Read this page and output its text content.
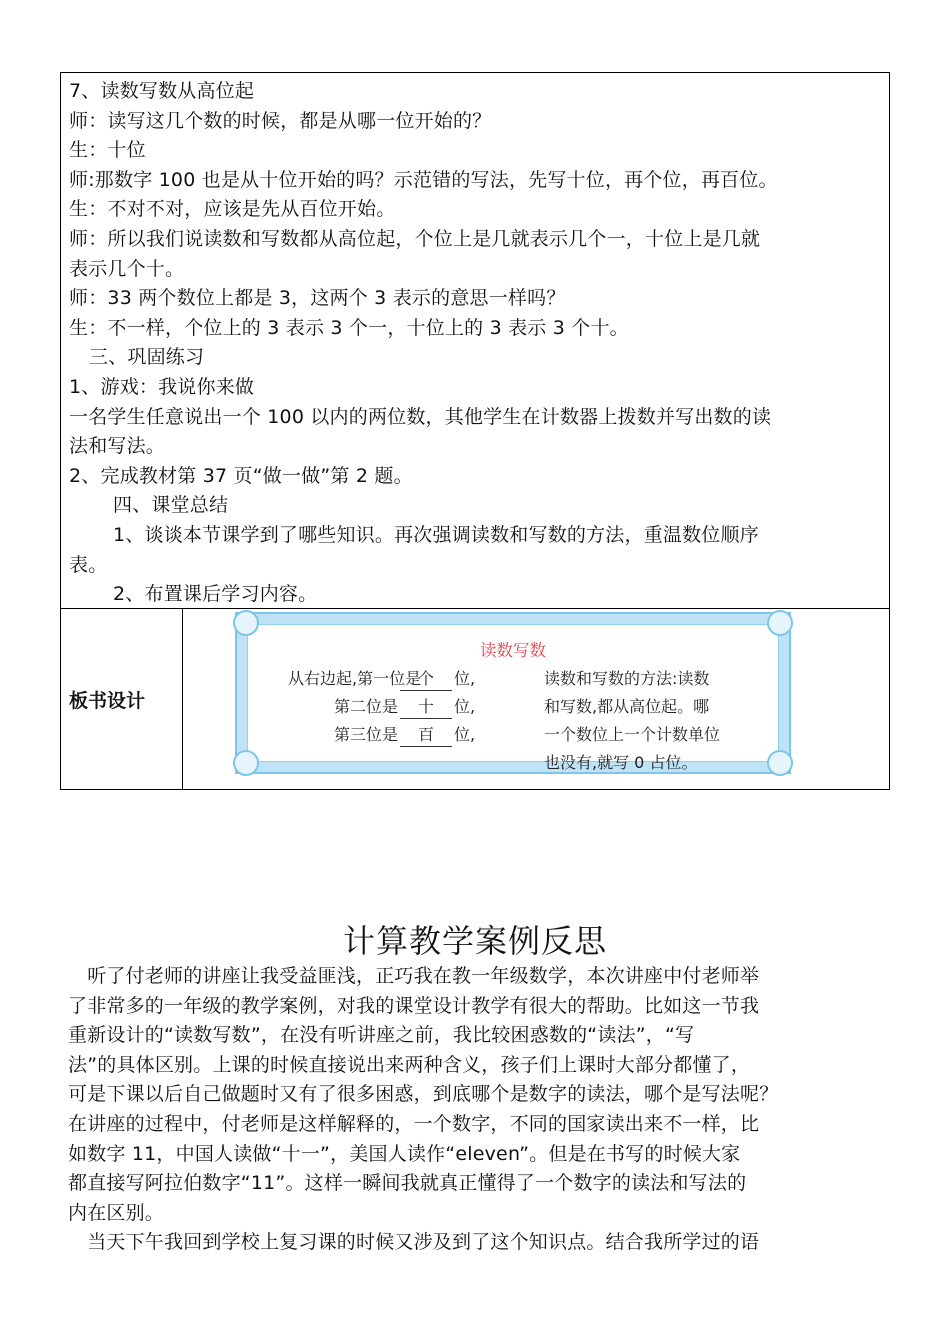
7、读数写数从高位起
师：读写这几个数的时候，都是从哪一位开始的？
生：十位
师:那数字 100 也是从十位开始的吗？示范错的写法，先写十位，再个位，再百位。
生：不对不对，应该是先从百位开始。
师：所以我们说读数和写数都从高位起，个位上是几就表示几个一，十位上是几就
表示几个十。
师：33 两个数位上都是 3，这两个 3 表示的意思一样吗？
生：不一样，个位上的 3 表示 3 个一，十位上的 3 表示 3 个十。
三、巩固练习
1、游戏：我说你来做
一名学生任意说出一个 100 以内的两位数，其他学生在计数器上拨数并写出数的读
法和写法。
2、完成教材第 37 页“做一做”第 2 题。
四、课堂总结
1、谈谈本节课学到了哪些知识。再次强调读数和写数的方法，重温数位顺序
表。
2、布置课后学习内容。
板书设计
读数写数
从右边起,第一位是个 位,
第二位是 十 位,
第三位是 百 位,
读数和写数的方法:读数
和写数,都从高位起。哪
一个数位上一个计数单位
也没有,就写 0 占位。
计算教学案例反思
　听了付老师的讲座让我受益匪浅，正巧我在教一年级数学，本次讲座中付老师举
了非常多的一年级的教学案例，对我的课堂设计教学有很大的帮助。比如这一节我
重新设计的“读数写数”，在没有听讲座之前，我比较困惑数的“读法”，“写
法”的具体区别。上课的时候直接说出来两种含义，孩子们上课时大部分都懂了，
可是下课以后自己做题时又有了很多困惑，到底哪个是数字的读法，哪个是写法呢？
在讲座的过程中，付老师是这样解释的，一个数字，不同的国家读出来不一样，比
如数字 11，中国人读做“十一”，美国人读作“eleven”。但是在书写的时候大家
都直接写阿拉伯数字“11”。这样一瞬间我就真正懂得了一个数字的读法和写法的
内在区别。
　当天下午我回到学校上复习课的时候又涉及到了这个知识点。结合我所学过的语
